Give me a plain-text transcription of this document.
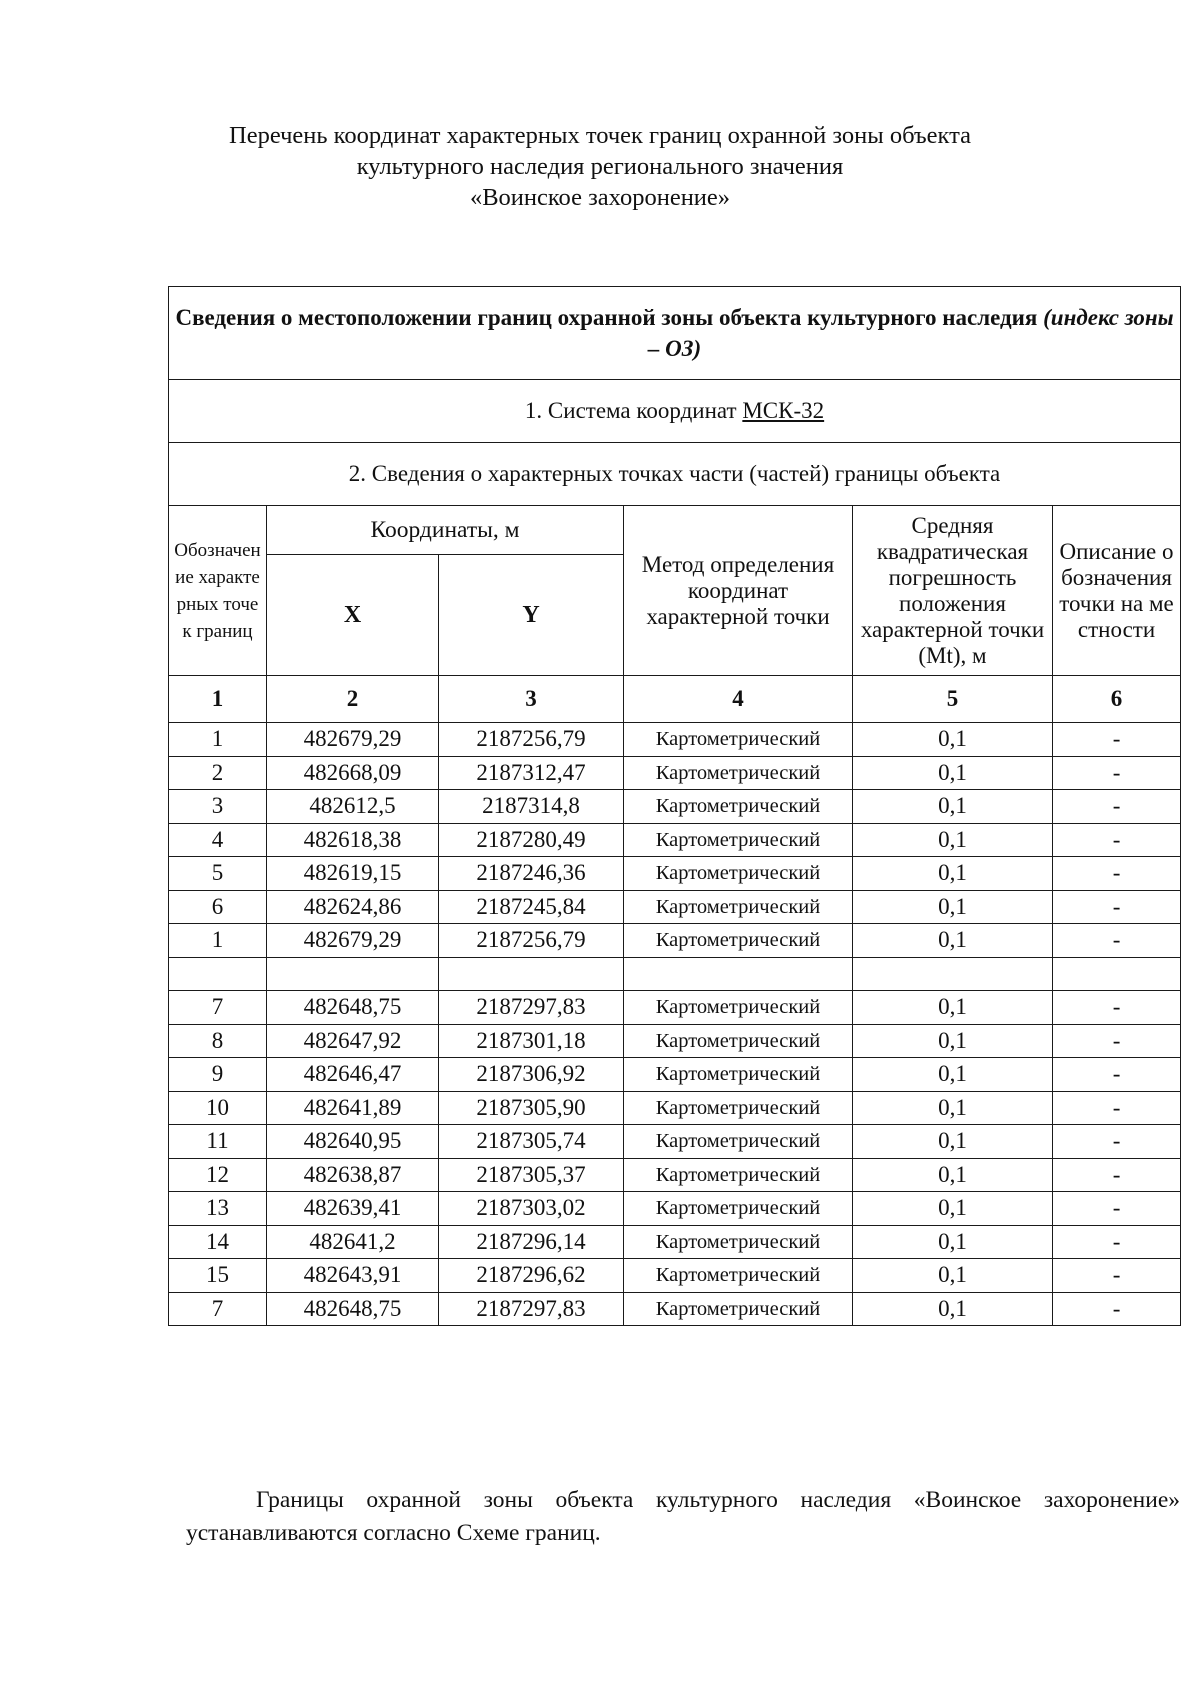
Перечень координат характерных точек границ охранной зоны объекта
культурного наследия регионального значения
«Воинское захоронение»
Сведения о местоположении границ охранной зоны объекта культурного наследия (индекс зоны – ОЗ)					
1. Система координат МСК-32					
2. Сведения о характерных точках части (частей) границы объекта					
Обозначение характерных точек границ	Координаты, м		Метод определения координат характерной точки	Средняя квадратическая погрешность положения характерной точки (Mt), м	Описание обозначения точки на местности
	X	Y			
1	2	3	4	5	6
1	482679,29	2187256,79	Картометрический	0,1	-
2	482668,09	2187312,47	Картометрический	0,1	-
3	482612,5	2187314,8	Картометрический	0,1	-
4	482618,38	2187280,49	Картометрический	0,1	-
5	482619,15	2187246,36	Картометрический	0,1	-
6	482624,86	2187245,84	Картометрический	0,1	-
1	482679,29	2187256,79	Картометрический	0,1	-

7	482648,75	2187297,83	Картометрический	0,1	-
8	482647,92	2187301,18	Картометрический	0,1	-
9	482646,47	2187306,92	Картометрический	0,1	-
10	482641,89	2187305,90	Картометрический	0,1	-
11	482640,95	2187305,74	Картометрический	0,1	-
12	482638,87	2187305,37	Картометрический	0,1	-
13	482639,41	2187303,02	Картометрический	0,1	-
14	482641,2	2187296,14	Картометрический	0,1	-
15	482643,91	2187296,62	Картометрический	0,1	-
7	482648,75	2187297,83	Картометрический	0,1	-

Границы охранной зоны объекта культурного наследия «Воинское захоронение» устанавливаются согласно Схеме границ.
